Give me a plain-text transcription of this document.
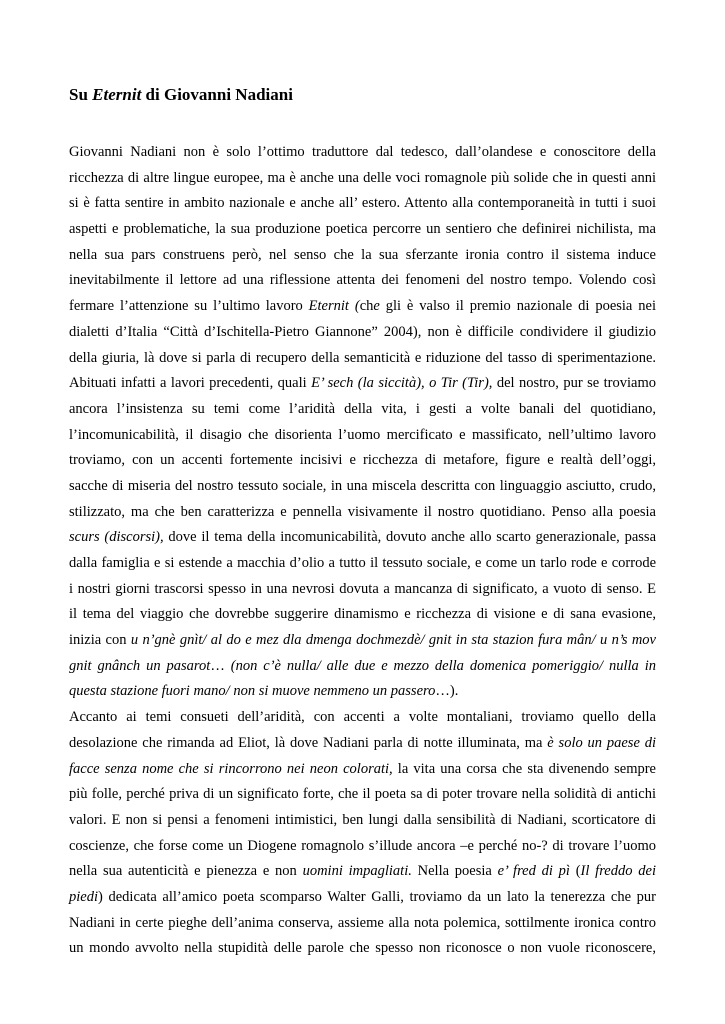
Su Eternit di Giovanni Nadiani
Giovanni Nadiani non è solo l’ottimo traduttore dal tedesco, dall’olandese e conoscitore della
ricchezza di altre lingue europee, ma è anche una delle voci romagnole più solide che in questi anni
si è fatta sentire in ambito nazionale e anche all’ estero. Attento alla contemporaneità in tutti i suoi
aspetti e problematiche, la sua produzione poetica percorre un sentiero che definirei nichilista, ma
nella sua pars construens però, nel senso che la sua sferzante ironia contro il sistema induce
inevitabilmente il lettore ad una riflessione attenta dei fenomeni del nostro tempo. Volendo così
fermare l’attenzione su l’ultimo lavoro Eternit (che gli è valso il premio nazionale di poesia nei
dialetti d’Italia “Città d’Ischitella-Pietro Giannone” 2004), non è difficile condividere il giudizio
della giuria, là dove si parla di recupero della semanticità e riduzione del tasso di sperimentazione.
Abituati infatti a lavori precedenti, quali E’ sech (la siccità), o Tir (Tir), del nostro, pur se troviamo
ancora l’insistenza su temi come l’aridità della vita, i gesti a volte banali del quotidiano,
l’incomunicabilità, il disagio che disorienta l’uomo mercificato e massificato, nell’ultimo lavoro
troviamo, con un accenti fortemente incisivi e ricchezza di metafore, figure e realtà dell’oggi,
sacche di miseria del nostro tessuto sociale, in una miscela descritta con linguaggio asciutto, crudo,
stilizzato, ma che ben caratterizza e pennella visivamente il nostro quotidiano. Penso alla poesia
scurs (discorsi), dove il tema della incomunicabilità, dovuto anche allo scarto generazionale, passa
dalla famiglia e si estende a macchia d’olio a tutto il tessuto sociale, e come un tarlo rode e corrode
i nostri giorni trascorsi spesso in una nevrosi dovuta a mancanza di significato, a vuoto di senso. E
il tema del viaggio che dovrebbe suggerire dinamismo e ricchezza di visione e di sana evasione,
inizia con u n’gnè gnìt/ al do e mez dla dmenga dochmezdè/ gnit in sta stazion fura mân/ u n’s mov
gnit gnânch un pasarot… (non c’è nulla/ alle due e mezzo della domenica pomeriggio/ nulla in
questa stazione fuori mano/ non si muove nemmeno un passero…).
Accanto ai temi consueti dell’aridità, con accenti a volte montaliani, troviamo quello della
desolazione che rimanda ad Eliot, là dove Nadiani parla di notte illuminata, ma è solo un paese di
facce senza nome che si rincorrono nei neon colorati, la vita una corsa che sta divenendo sempre
più folle, perché priva di un significato forte, che il poeta sa di poter trovare nella solidità di antichi
valori. E non si pensi a fenomeni intimistici, ben lungi dalla sensibilità di Nadiani, scorticatore di
coscienze, che forse come un Diogene romagnolo s’illude ancora –e perché no-? di trovare l’uomo
nella sua autenticità e pienezza e non uomini impagliati. Nella poesia e’ fred di pì (Il freddo dei
piedi) dedicata all’amico poeta scomparso Walter Galli, troviamo da un lato la tenerezza che pur
Nadiani in certe pieghe dell’anima conserva, assieme alla nota polemica, sottilmente ironica contro
un mondo avvolto nella stupidità delle parole che spesso non riconosce o non vuole riconoscere,
